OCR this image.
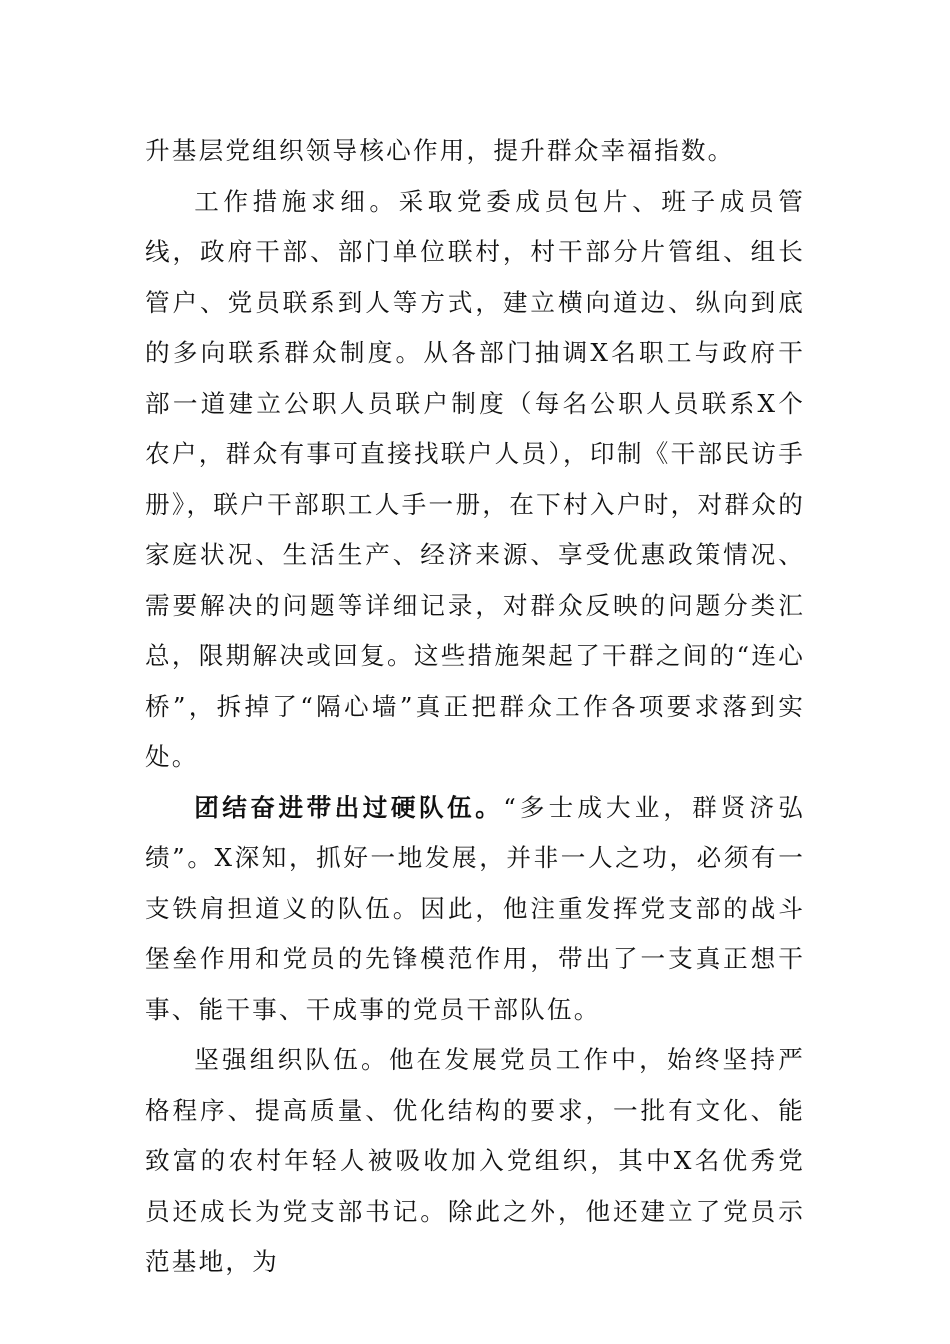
升基层党组织领导核心作用，提升群众幸福指数。

工作措施求细。采取党委成员包片、班子成员管线，政府干部、部门单位联村，村干部分片管组、组长管户、党员联系到人等方式，建立横向道边、纵向到底的多向联系群众制度。从各部门抽调X名职工与政府干部一道建立公职人员联户制度（每名公职人员联系X个农户，群众有事可直接找联户人员），印制《干部民访手册》，联户干部职工人手一册，在下村入户时，对群众的家庭状况、生活生产、经济来源、享受优惠政策情况、需要解决的问题等详细记录，对群众反映的问题分类汇总，限期解决或回复。这些措施架起了干群之间的“连心桥”，拆掉了“隔心墙”真正把群众工作各项要求落到实处。

团结奋进带出过硬队伍。“多士成大业，群贤济弘绩”。X深知，抓好一地发展，并非一人之功，必须有一支铁肩担道义的队伍。因此，他注重发挥党支部的战斗堡垒作用和党员的先锋模范作用，带出了一支真正想干事、能干事、干成事的党员干部队伍。

坚强组织队伍。他在发展党员工作中，始终坚持严格程序、提高质量、优化结构的要求，一批有文化、能致富的农村年轻人被吸收加入党组织，其中X名优秀党员还成长为党支部书记。除此之外，他还建立了党员示范基地，为
